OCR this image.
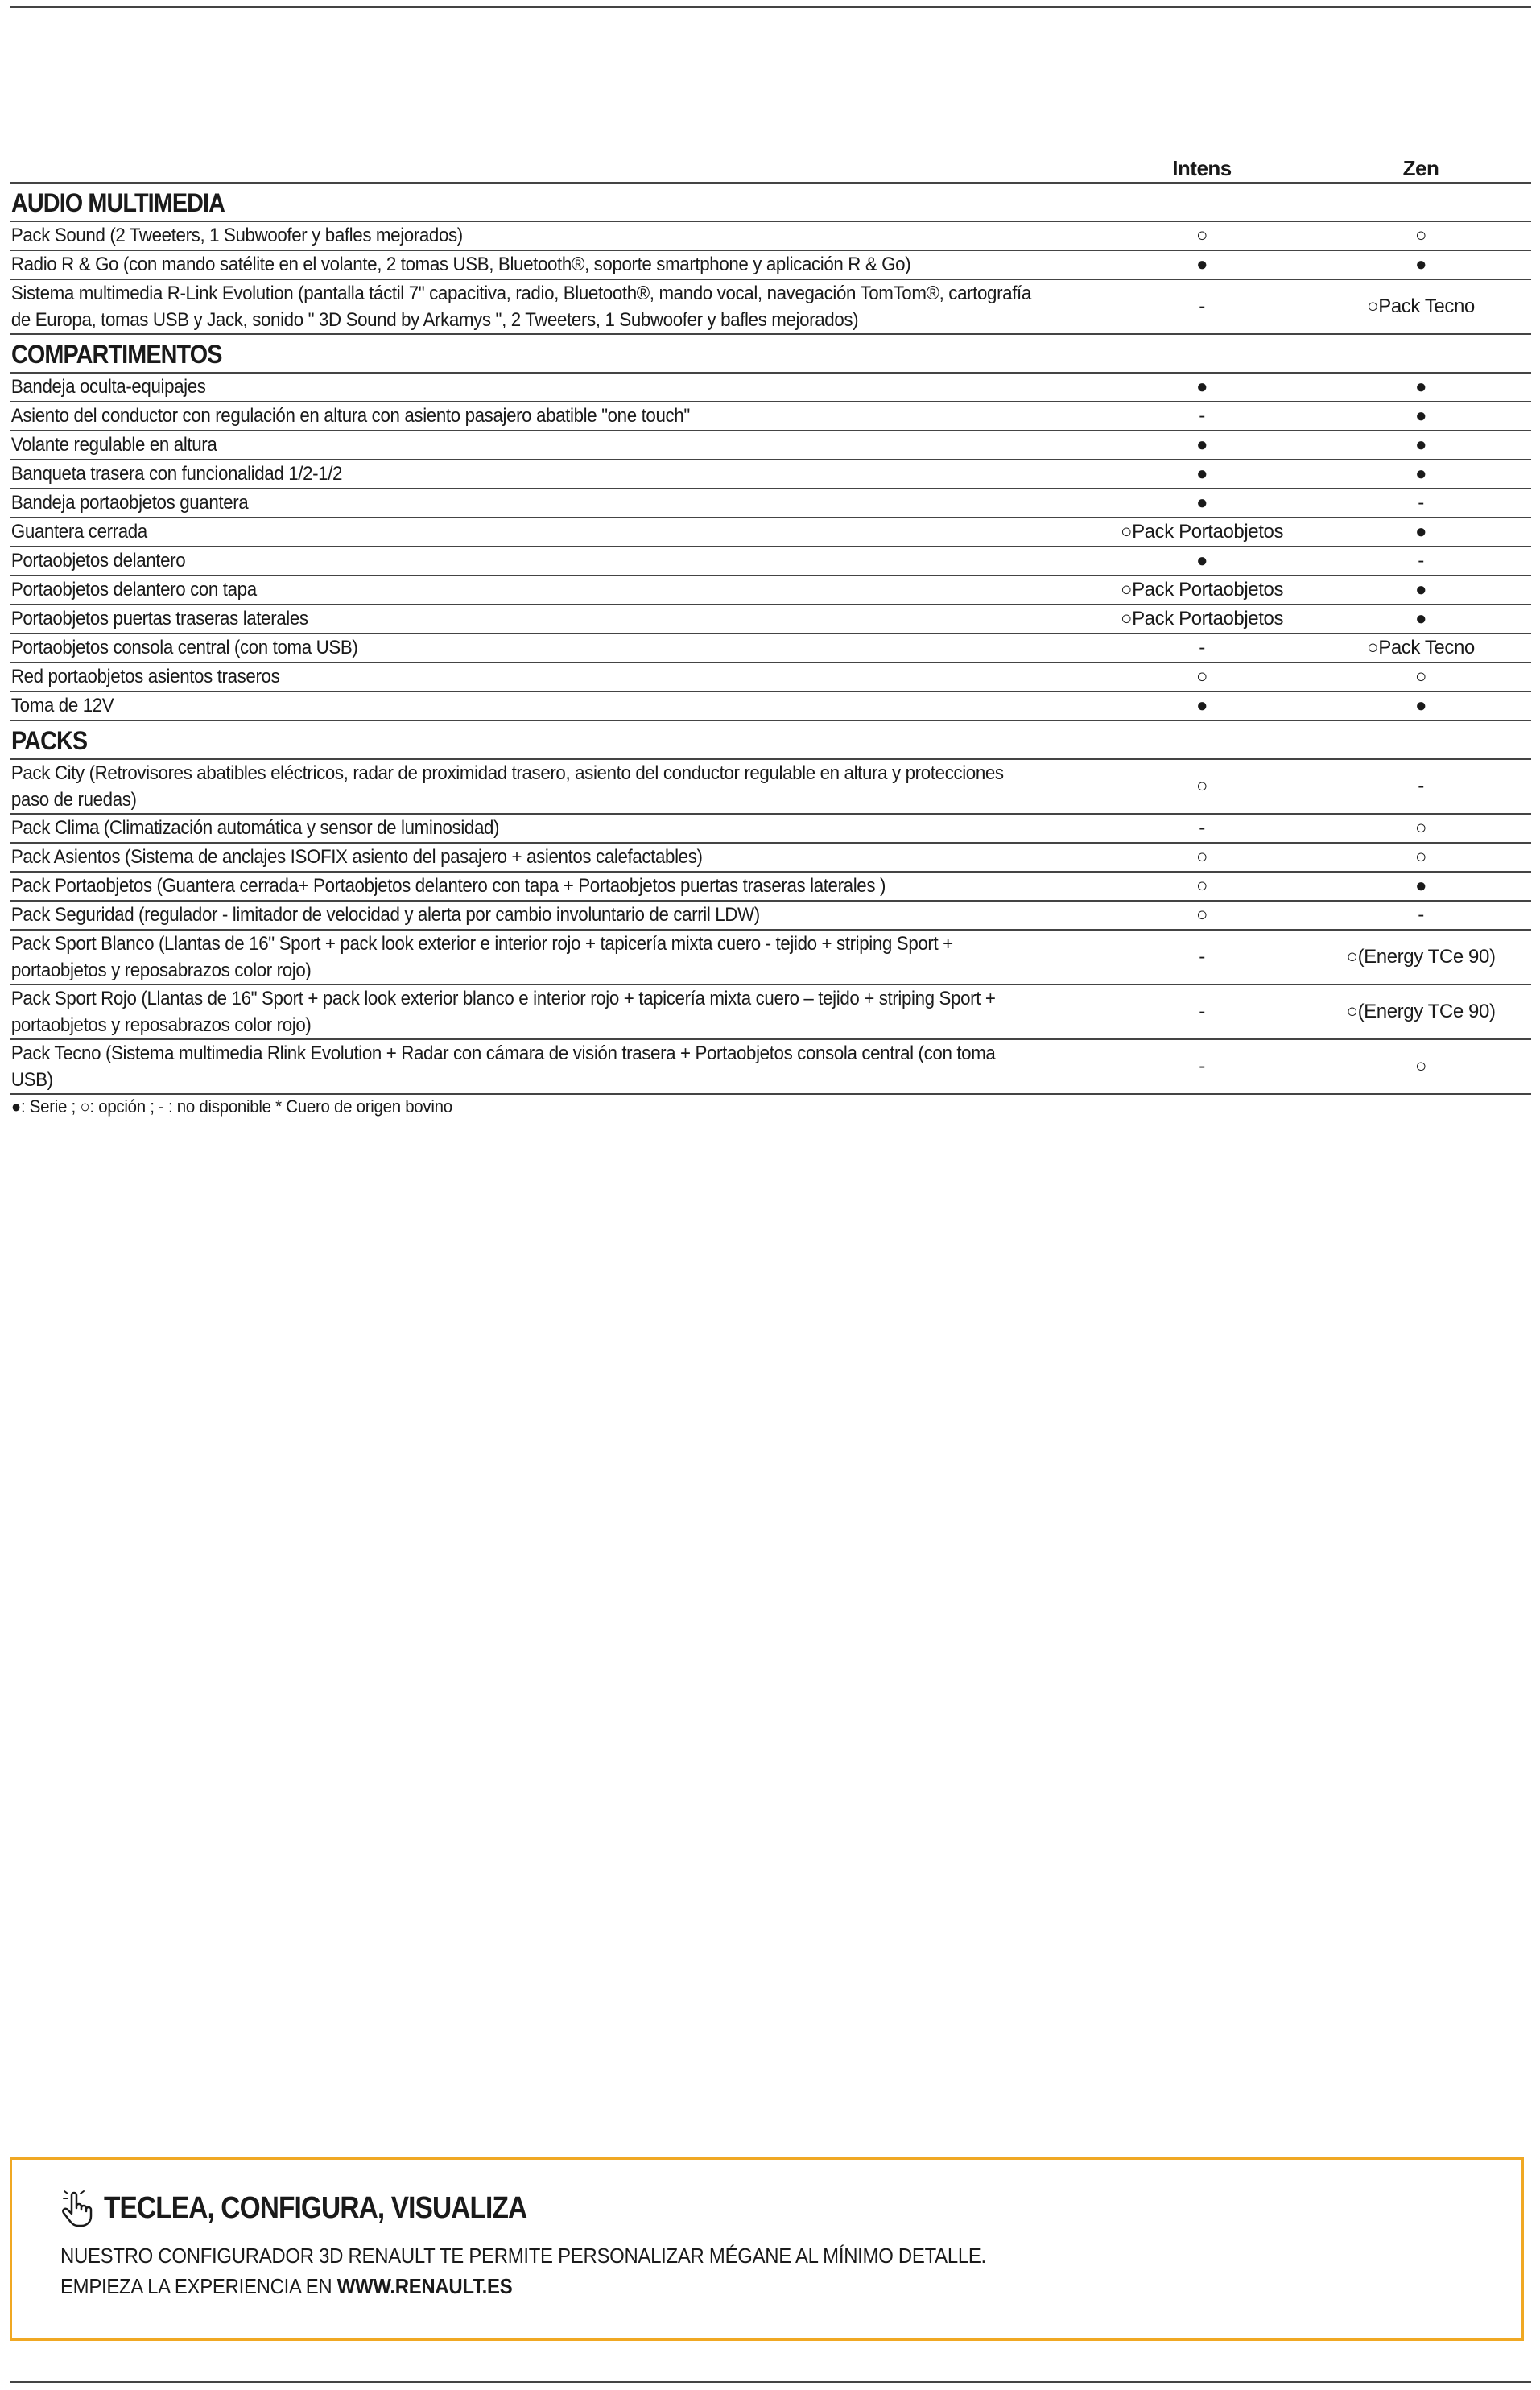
Intens	Zen
AUDIO MULTIMEDIA
Pack Sound (2 Tweeters, 1 Subwoofer y bafles mejorados)	○	○
Radio R & Go (con mando satélite en el volante, 2 tomas USB, Bluetooth®, soporte smartphone y aplicación R & Go)	●	●
Sistema multimedia R-Link Evolution (pantalla táctil 7" capacitiva, radio, Bluetooth®, mando vocal, navegación TomTom®, cartografía de Europa, tomas USB y Jack, sonido " 3D Sound by Arkamys ", 2 Tweeters, 1 Subwoofer y bafles mejorados)
-	○Pack Tecno
COMPARTIMENTOS
Bandeja oculta-equipajes	●	●
Asiento del conductor con regulación en altura con asiento pasajero abatible "one touch"	-	●
Volante regulable en altura	●	●
Banqueta trasera con funcionalidad 1/2-1/2	●	●
Bandeja portaobjetos guantera	●	-
Guantera cerrada	○Pack Portaobjetos	●
Portaobjetos delantero	●	-
Portaobjetos delantero con tapa	○Pack Portaobjetos	●
Portaobjetos puertas traseras laterales	○Pack Portaobjetos	●
Portaobjetos consola central (con toma USB)	-	○Pack Tecno
Red portaobjetos asientos traseros	○	○
Toma de 12V	●	●
PACKS
Pack City (Retrovisores abatibles eléctricos, radar de proximidad trasero, asiento del conductor regulable en altura y protecciones paso de ruedas)
○	-
Pack Clima (Climatización automática y sensor de luminosidad)	-	○
Pack Asientos (Sistema de anclajes ISOFIX asiento del pasajero + asientos calefactables)	○	○
Pack Portaobjetos (Guantera cerrada+ Portaobjetos delantero con tapa + Portaobjetos puertas traseras laterales )	○	●
Pack Seguridad (regulador - limitador de velocidad y alerta por cambio involuntario de carril LDW)	○	-
Pack Sport Blanco (Llantas de 16" Sport + pack look exterior e interior rojo + tapicería mixta cuero - tejido + striping Sport + portaobjetos y reposabrazos color rojo)
-	○(Energy TCe 90)
Pack Sport Rojo (Llantas de 16" Sport + pack look exterior blanco e interior rojo + tapicería mixta cuero – tejido + striping Sport + portaobjetos y reposabrazos color rojo)
-	○(Energy TCe 90)
Pack Tecno (Sistema multimedia Rlink Evolution + Radar con cámara de visión trasera + Portaobjetos consola central (con toma USB)
-	○
●: Serie ; ○: opción ; - : no disponible * Cuero de origen bovino
TECLEA, CONFIGURA, VISUALIZA
NUESTRO CONFIGURADOR 3D RENAULT TE PERMITE PERSONALIZAR MÉGANE AL MÍNIMO DETALLE.
EMPIEZA LA EXPERIENCIA EN WWW.RENAULT.ES
